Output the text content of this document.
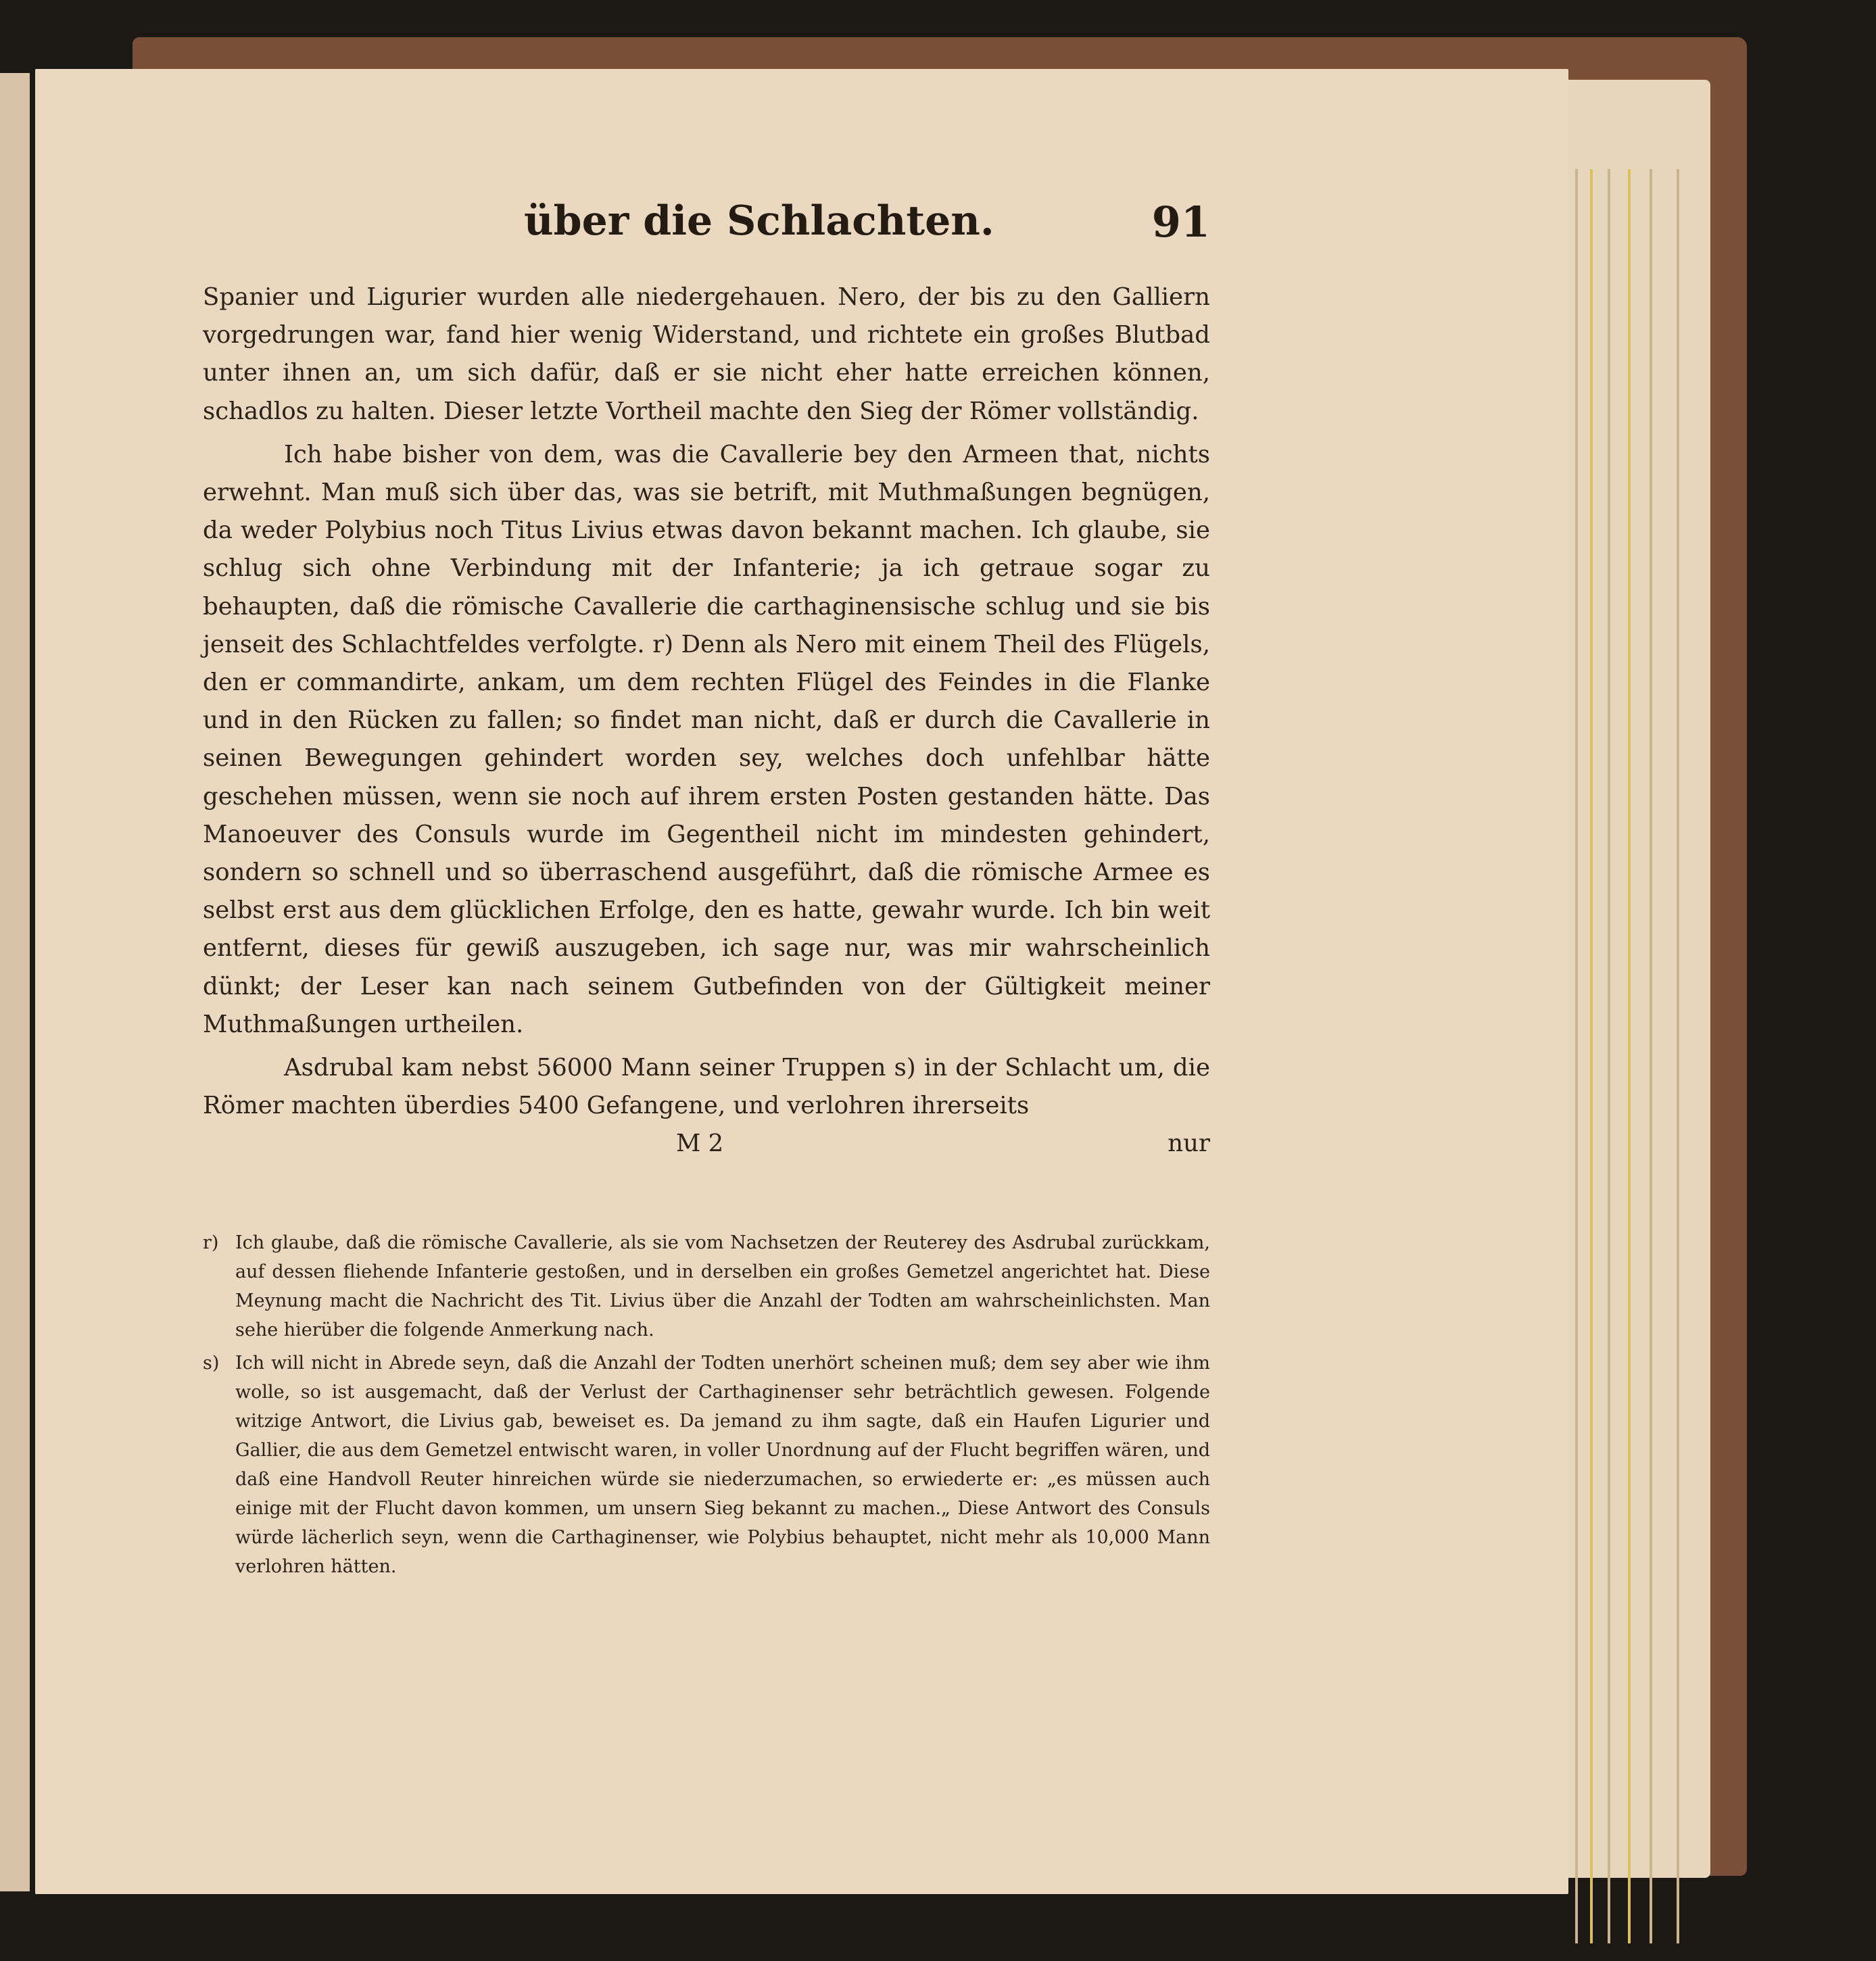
über die Schlachten.	91

Spanier und Ligurier wurden alle niedergehauen. Nero, der bis zu den Galliern vorgedrungen war, fand hier wenig Widerstand, und richtete ein großes Blutbad unter ihnen an, um sich dafür, daß er sie nicht eher hatte erreichen können, schadlos zu halten. Dieser letzte Vortheil machte den Sieg der Römer vollständig.

Ich habe bisher von dem, was die Cavallerie bey den Armeen that, nichts erwehnt. Man muß sich über das, was sie betrift, mit Muthmaßungen begnügen, da weder Polybius noch Titus Livius etwas davon bekannt machen. Ich glaube, sie schlug sich ohne Verbindung mit der Infanterie; ja ich getraue sogar zu behaupten, daß die römische Cavallerie die carthaginensische schlug und sie bis jenseit des Schlachtfeldes verfolgte. r) Denn als Nero mit einem Theil des Flügels, den er commandirte, ankam, um dem rechten Flügel des Feindes in die Flanke und in den Rücken zu fallen; so findet man nicht, daß er durch die Cavallerie in seinen Bewegungen gehindert worden sey, welches doch unfehlbar hätte geschehen müssen, wenn sie noch auf ihrem ersten Posten gestanden hätte. Das Manoeuver des Consuls wurde im Gegentheil nicht im mindesten gehindert, sondern so schnell und so überraschend ausgeführt, daß die römische Armee es selbst erst aus dem glücklichen Erfolge, den es hatte, gewahr wurde. Ich bin weit entfernt, dieses für gewiß auszugeben, ich sage nur, was mir wahrscheinlich dünkt; der Leser kan nach seinem Gutbefinden von der Gültigkeit meiner Muthmaßungen urtheilen.

Asdrubal kam nebst 56000 Mann seiner Truppen s) in der Schlacht um, die Römer machten überdies 5400 Gefangene, und verlohren ihrerseits

M 2	nur

r) Ich glaube, daß die römische Cavallerie, als sie vom Nachsetzen der Reuterey des Asdrubal zurückkam, auf dessen fliehende Infanterie gestoßen, und in derselben ein großes Gemetzel angerichtet hat. Diese Meynung macht die Nachricht des Tit. Livius über die Anzahl der Todten am wahrscheinlichsten. Man sehe hierüber die folgende Anmerkung nach.

s) Ich will nicht in Abrede seyn, daß die Anzahl der Todten unerhört scheinen muß; dem sey aber wie ihm wolle, so ist ausgemacht, daß der Verlust der Carthaginenser sehr beträchtlich gewesen. Folgende witzige Antwort, die Livius gab, beweiset es. Da jemand zu ihm sagte, daß ein Haufen Ligurier und Gallier, die aus dem Gemetzel entwischt waren, in voller Unordnung auf der Flucht begriffen wären, und daß eine Handvoll Reuter hinreichen würde sie niederzumachen, so erwiederte er: „es müssen auch einige mit der Flucht davon kommen, um unsern Sieg bekannt zu machen.„ Diese Antwort des Consuls würde lächerlich seyn, wenn die Carthaginenser, wie Polybius behauptet, nicht mehr als 10,000 Mann verlohren hätten.
